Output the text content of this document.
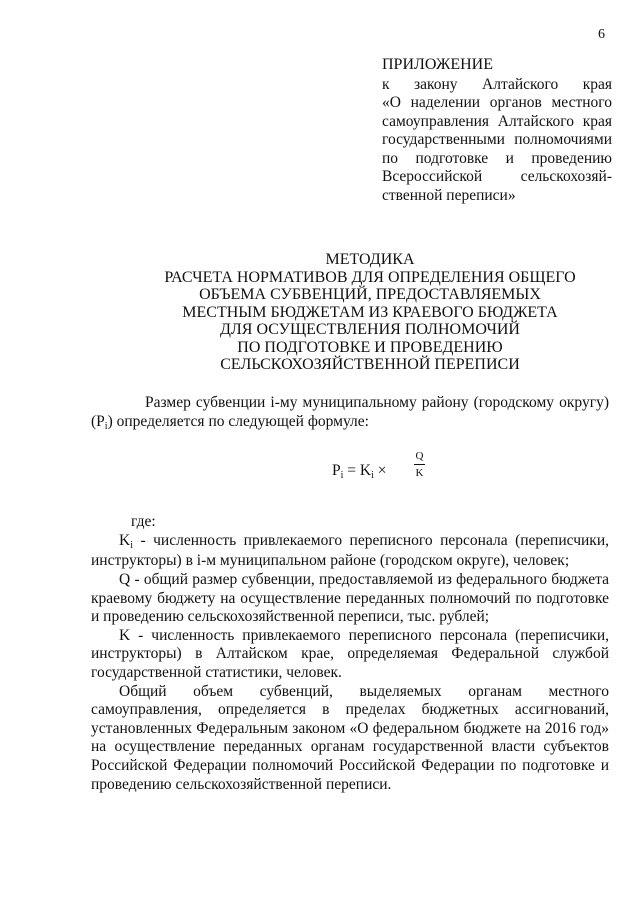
6
ПРИЛОЖЕНИЕ
к закону Алтайского края
«О наделении органов местного
самоуправления Алтайского края
государственными полномочиями
по подготовке и проведению
Всероссийской сельскохозяй-
ственной переписи»
МЕТОДИКА
РАСЧЕТА НОРМАТИВОВ ДЛЯ ОПРЕДЕЛЕНИЯ ОБЩЕГО
ОБЪЕМА СУБВЕНЦИЙ, ПРЕДОСТАВЛЯЕМЫХ
МЕСТНЫМ БЮДЖЕТАМ ИЗ КРАЕВОГО БЮДЖЕТА
ДЛЯ ОСУЩЕСТВЛЕНИЯ ПОЛНОМОЧИЙ
ПО ПОДГОТОВКЕ И ПРОВЕДЕНИЮ
СЕЛЬСКОХОЗЯЙСТВЕННОЙ ПЕРЕПИСИ

Размер субвенции i-му муниципальному району (городскому округу) (Pi) определяется по следующей формуле:

Pi = Ki ×
Q
K

где:

Ki - численность привлекаемого переписного персонала (переписчики, инструкторы) в i-м муниципальном районе (городском округе), человек;

Q - общий размер субвенции, предоставляемой из федерального бюджета краевому бюджету на осуществление переданных полномочий по подготовке и проведению сельскохозяйственной переписи, тыс. рублей;

K - численность привлекаемого переписного персонала (переписчики, инструкторы) в Алтайском крае, определяемая Федеральной службой государственной статистики, человек.

Общий объем субвенций, выделяемых органам местного самоуправления, определяется в пределах бюджетных ассигнований, установленных Федеральным законом «О федеральном бюджете на 2016 год» на осуществление переданных органам государственной власти субъектов Российской Федерации полномочий Российской Федерации по подготовке и проведению сельскохозяйственной переписи.
